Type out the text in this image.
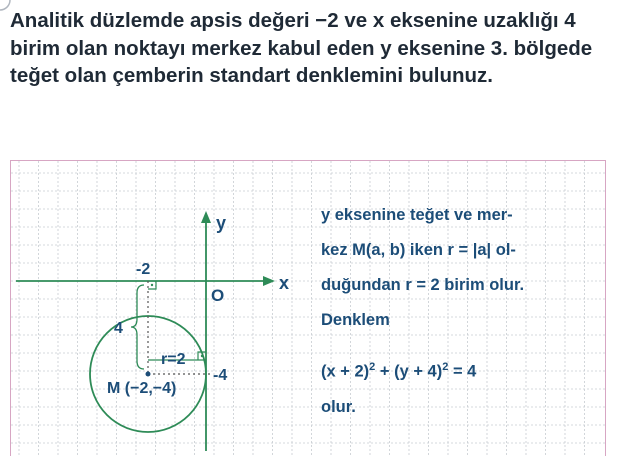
Analitik düzlemde apsis değeri −2 ve x eksenine uzaklığı 4 birim olan noktayı merkez kabul eden y eksenine 3. bölgede teğet olan çemberin standart denklemini bulunuz.

y
x
O
-2
-4
4
r=2
M (−2,−4)
y eksenine teğet ve mer-
kez M(a, b) iken r = |a| ol-
duğundan r = 2 birim olur.
Denklem
$(x + 2)^2 + (y + 4)^2 = 4$
olur.
